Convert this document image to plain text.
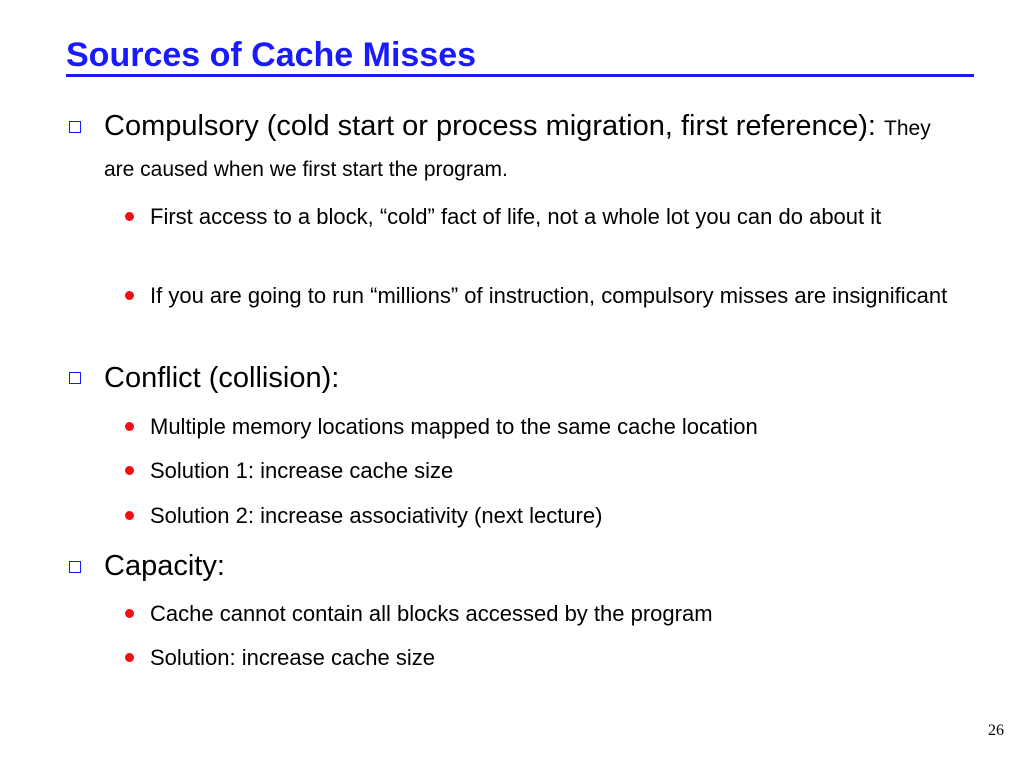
Sources of Cache Misses
Compulsory (cold start or process migration, first reference): They are caused when we first start the program.
First access to a block, “cold” fact of life, not a whole lot you can do about it
If you are going to run “millions” of instruction, compulsory misses are insignificant
Conflict (collision):
Multiple memory locations mapped to the same cache location
Solution 1: increase cache size
Solution 2: increase associativity (next lecture)
Capacity:
Cache cannot contain all blocks accessed by the program
Solution: increase cache size
26
